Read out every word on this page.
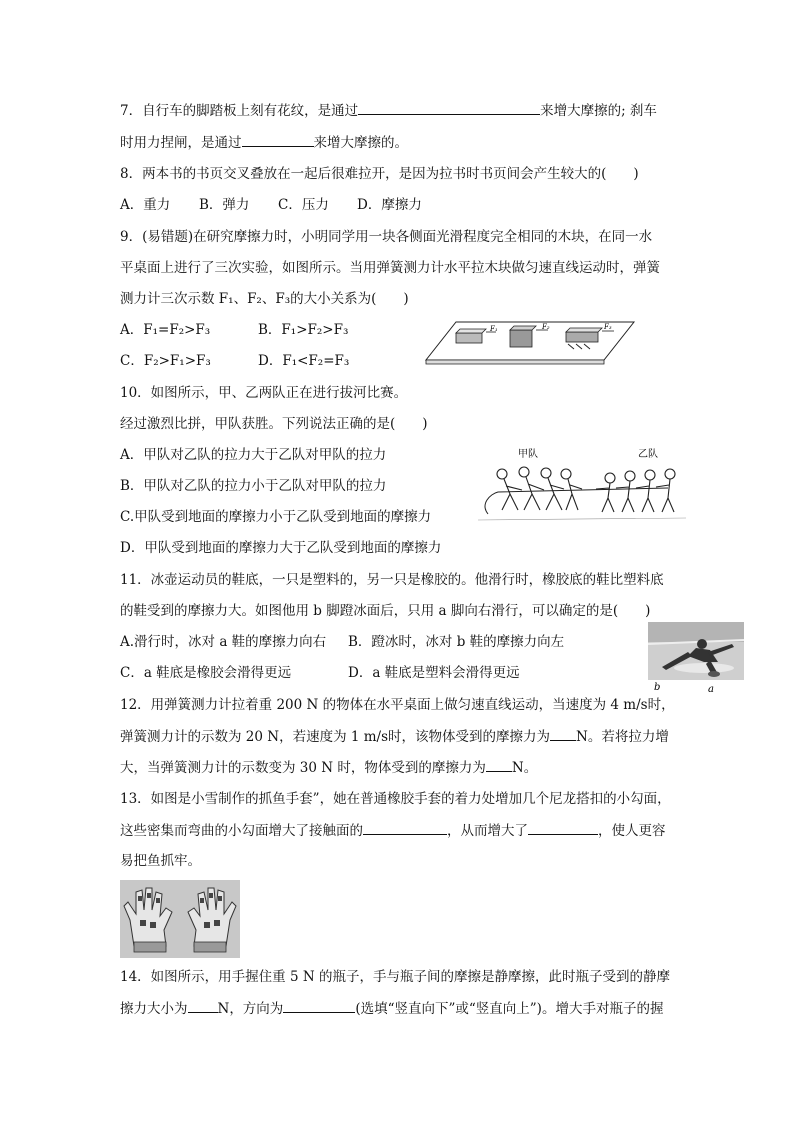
7．自行车的脚踏板上刻有花纹，是通过	来增大摩擦的; 刹车
时用力捏闸，是通过	来增大摩擦的。
8．两本书的书页交叉叠放在一起后很难拉开，是因为拉书时书页间会产生较大的(　　)
A．重力 B．弹力 C．压力 D．摩擦力
9．(易错题)在研究摩擦力时，小明同学用一块各侧面光滑程度完全相同的木块，在同一水
平桌面上进行了三次实验，如图所示。当用弹簧测力计水平拉木块做匀速直线运动时，弹簧
测力计三次示数 F₁、F₂、F₃的大小关系为(　　)
A．F₁=F₂>F₃	B．F₁>F₂>F₃
C．F₂>F₁>F₃	D．F₁<F₂=F₃
F₁	F₂	F₃
10．如图所示，甲、乙两队正在进行拔河比赛。
经过激烈比拼，甲队获胜。下列说法正确的是(　　)
A．甲队对乙队的拉力大于乙队对甲队的拉力
B．甲队对乙队的拉力小于乙队对甲队的拉力
C.甲队受到地面的摩擦力小于乙队受到地面的摩擦力
D．甲队受到地面的摩擦力大于乙队受到地面的摩擦力
甲队	乙队
11．冰壶运动员的鞋底，一只是塑料的，另一只是橡胶的。他滑行时，橡胶底的鞋比塑料底
的鞋受到的摩擦力大。如图他用 b 脚蹬冰面后，只用 a 脚向右滑行，可以确定的是(　　)
A.滑行时，冰对 a 鞋的摩擦力向右 B．蹬冰时，冰对 b 鞋的摩擦力向左
C．a 鞋底是橡胶会滑得更远	D．a 鞋底是塑料会滑得更远
b	a
12．用弹簧测力计拉着重 200 N 的物体在水平桌面上做匀速直线运动，当速度为 4 m/s时，
弹簧测力计的示数为 20 N，若速度为 1 m/s时，该物体受到的摩擦力为 N。若将拉力增
大，当弹簧测力计的示数变为 30 N 时，物体受到的摩擦力为 N。
13．如图是小雪制作的抓鱼手套”，她在普通橡胶手套的着力处增加几个尼龙搭扣的小勾面，
这些密集而弯曲的小勾面增大了接触面的	，从而增大了	，使人更容
易把鱼抓牢。
14．如图所示，用手握住重 5 N 的瓶子，手与瓶子间的摩擦是静摩擦，此时瓶子受到的静摩
擦力大小为 N，方向为	(选填“竖直向下”或“竖直向上”)。增大手对瓶子的握
